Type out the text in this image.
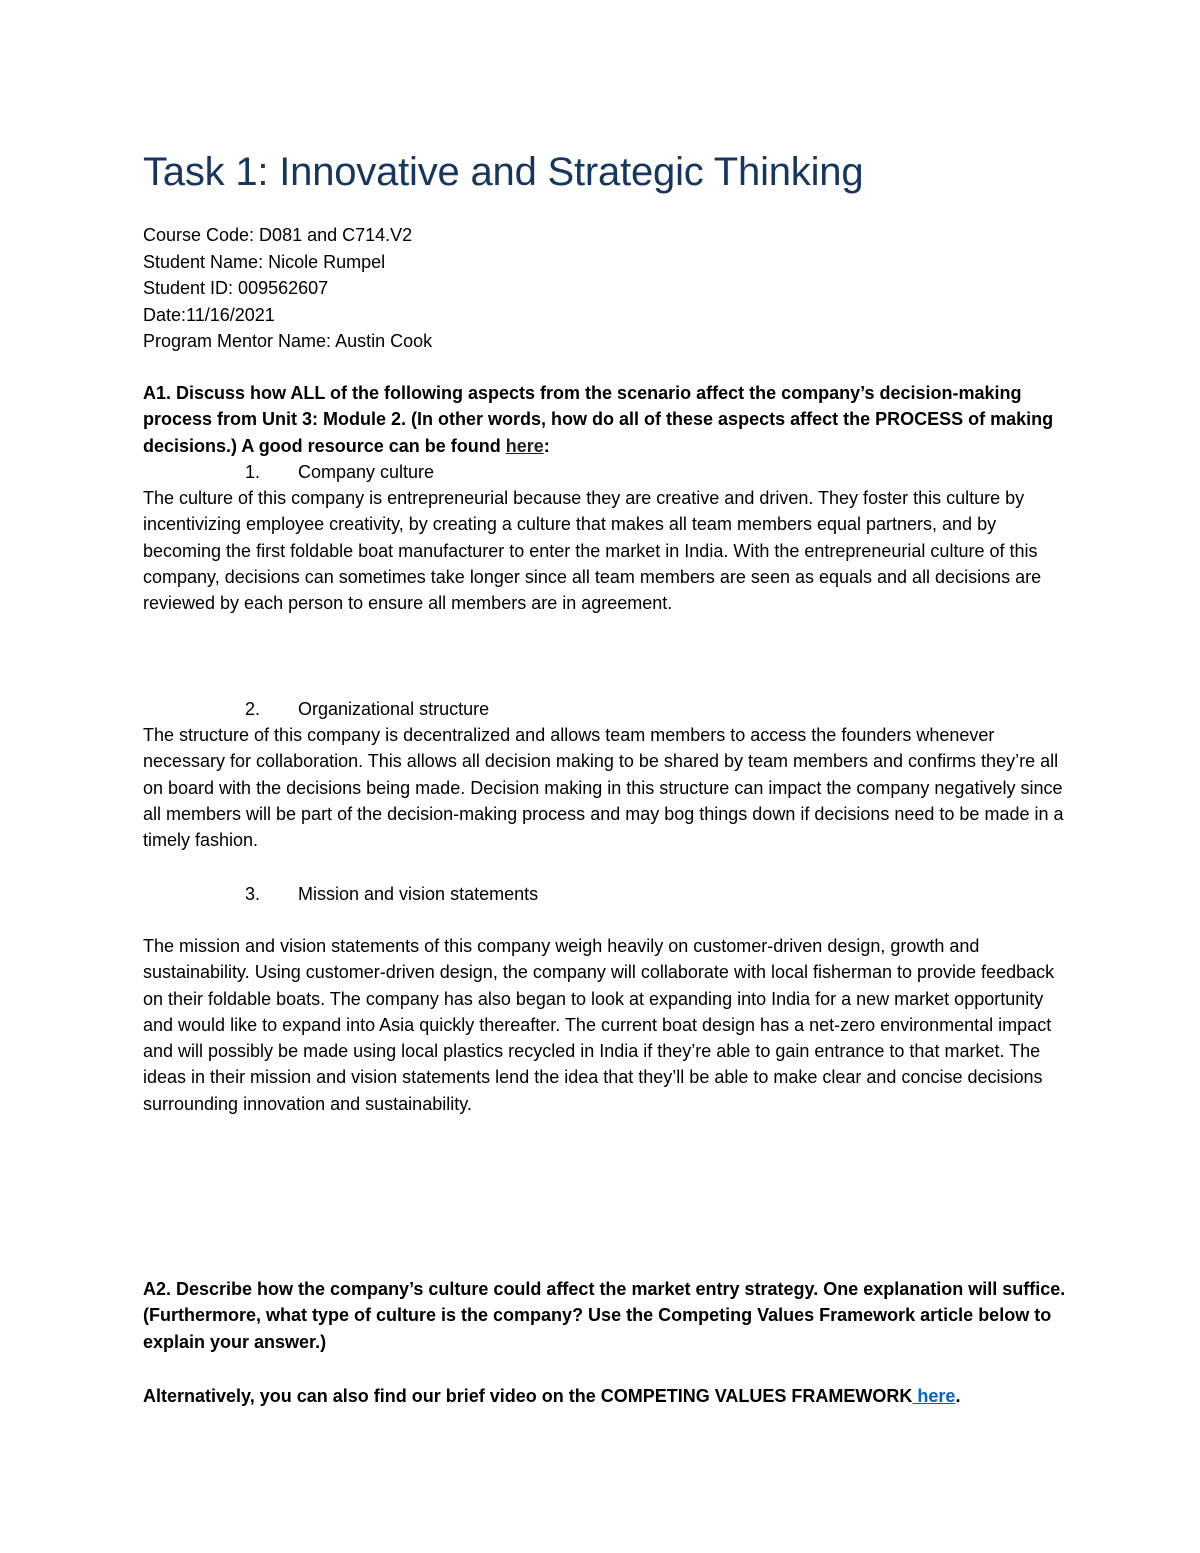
Task 1: Innovative and Strategic Thinking
Course Code: D081 and C714.V2
Student Name: Nicole Rumpel
Student ID: 009562607
Date:11/16/2021
Program Mentor Name: Austin Cook
A1. Discuss how ALL of the following aspects from the scenario affect the company’s decision-making process from Unit 3: Module 2. (In other words, how do all of these aspects affect the PROCESS of making decisions.) A good resource can be found here:
1. Company culture
The culture of this company is entrepreneurial because they are creative and driven. They foster this culture by incentivizing employee creativity, by creating a culture that makes all team members equal partners, and by becoming the first foldable boat manufacturer to enter the market in India. With the entrepreneurial culture of this company, decisions can sometimes take longer since all team members are seen as equals and all decisions are reviewed by each person to ensure all members are in agreement.
2. Organizational structure
The structure of this company is decentralized and allows team members to access the founders whenever necessary for collaboration. This allows all decision making to be shared by team members and confirms they’re all on board with the decisions being made. Decision making in this structure can impact the company negatively since all members will be part of the decision-making process and may bog things down if decisions need to be made in a timely fashion.
3. Mission and vision statements
The mission and vision statements of this company weigh heavily on customer-driven design, growth and sustainability. Using customer-driven design, the company will collaborate with local fisherman to provide feedback on their foldable boats. The company has also began to look at expanding into India for a new market opportunity and would like to expand into Asia quickly thereafter. The current boat design has a net-zero environmental impact and will possibly be made using local plastics recycled in India if they’re able to gain entrance to that market. The ideas in their mission and vision statements lend the idea that they’ll be able to make clear and concise decisions surrounding innovation and sustainability.
A2. Describe how the company’s culture could affect the market entry strategy. One explanation will suffice. (Furthermore, what type of culture is the company? Use the Competing Values Framework article below to explain your answer.)
Alternatively, you can also find our brief video on the COMPETING VALUES FRAMEWORK here.
